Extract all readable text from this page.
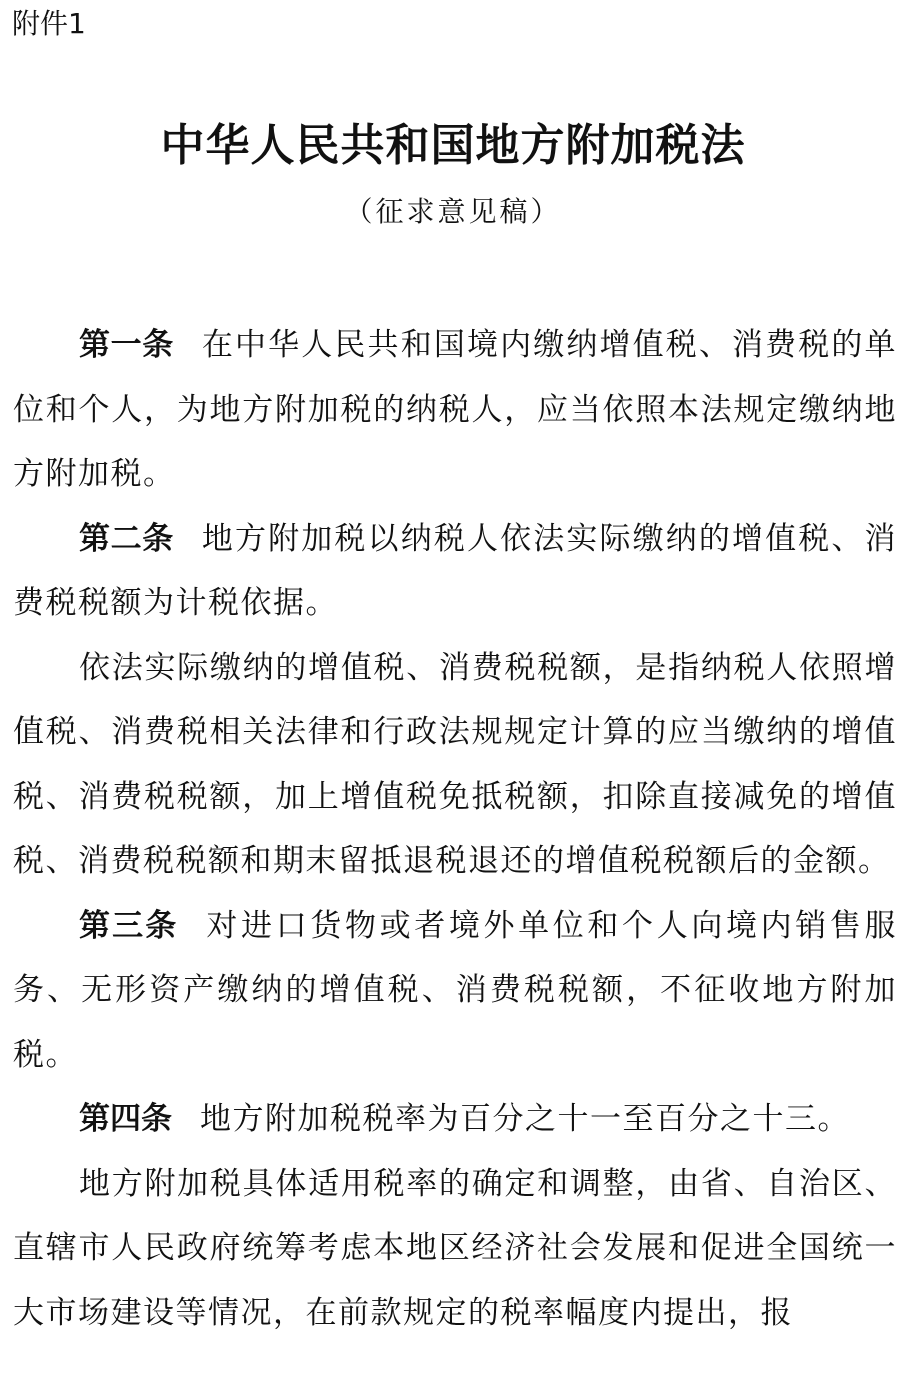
附件1

中华人民共和国地方附加税法

（征求意见稿）

第一条 在中华人民共和国境内缴纳增值税、消费税的单位和个人，为地方附加税的纳税人，应当依照本法规定缴纳地方附加税。

第二条 地方附加税以纳税人依法实际缴纳的增值税、消费税税额为计税依据。

依法实际缴纳的增值税、消费税税额，是指纳税人依照增值税、消费税相关法律和行政法规规定计算的应当缴纳的增值税、消费税税额，加上增值税免抵税额，扣除直接减免的增值税、消费税税额和期末留抵退税退还的增值税税额后的金额。

第三条 对进口货物或者境外单位和个人向境内销售服务、无形资产缴纳的增值税、消费税税额，不征收地方附加税。

第四条 地方附加税税率为百分之十一至百分之十三。

地方附加税具体适用税率的确定和调整，由省、自治区、直辖市人民政府统筹考虑本地区经济社会发展和促进全国统一大市场建设等情况，在前款规定的税率幅度内提出，报
